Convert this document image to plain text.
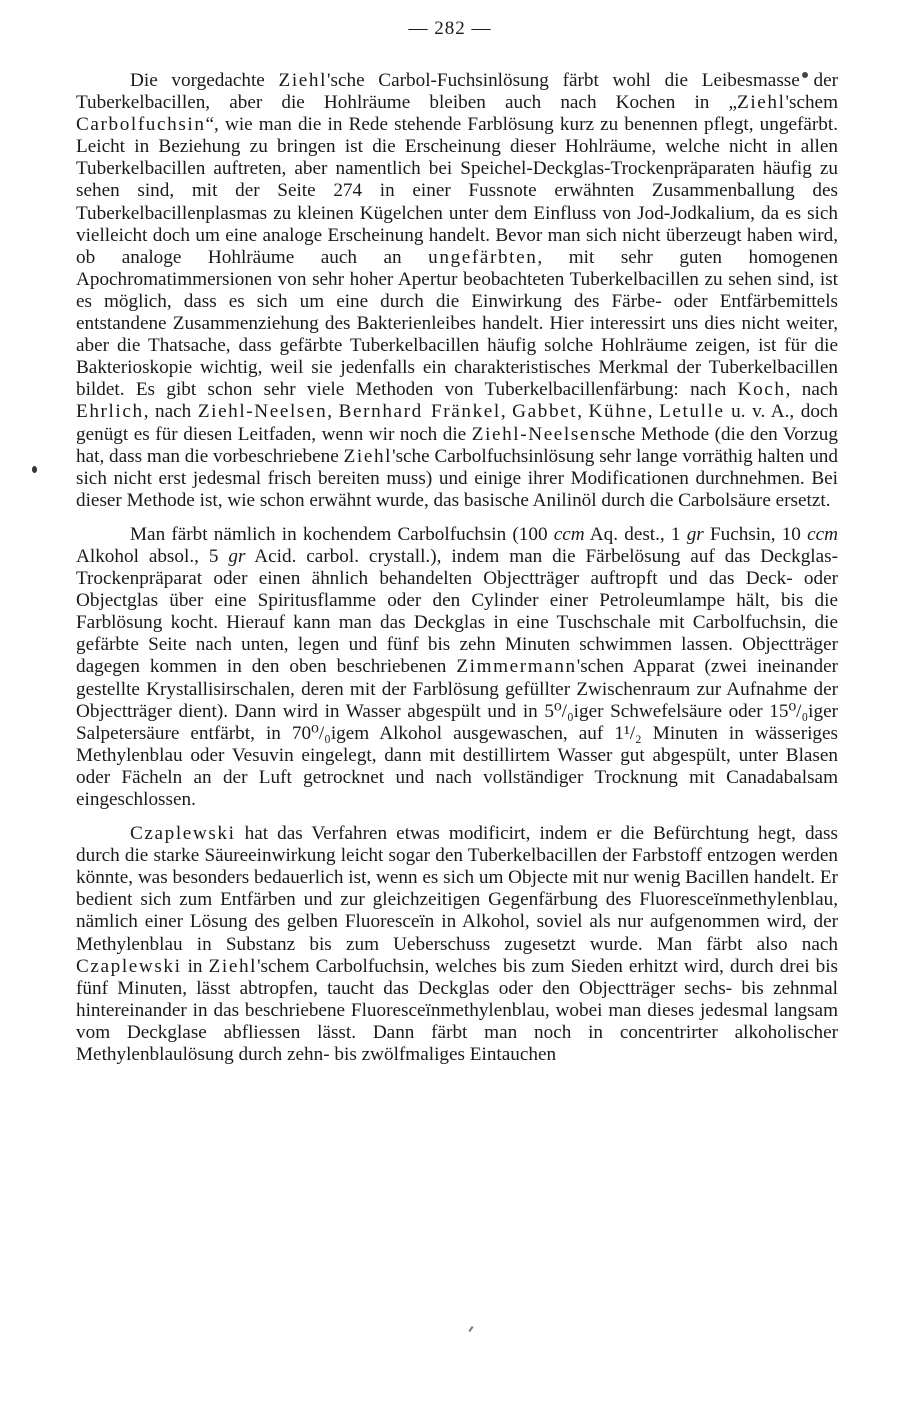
— 282 —

Die vorgedachte Ziehl'sche Carbol-Fuchsinlösung färbt wohl die Leibesmasse der Tuberkelbacillen, aber die Hohlräume bleiben auch nach Kochen in „Ziehl'schem Carbolfuchsin“, wie man die in Rede stehende Farblösung kurz zu benennen pflegt, ungefärbt. Leicht in Beziehung zu bringen ist die Erscheinung dieser Hohlräume, welche nicht in allen Tuberkelbacillen auftreten, aber namentlich bei Speichel-Deckglas-Trockenpräparaten häufig zu sehen sind, mit der Seite 274 in einer Fussnote erwähnten Zusammenballung des Tuberkelbacillenplasmas zu kleinen Kügelchen unter dem Einfluss von Jod-Jodkalium, da es sich vielleicht doch um eine analoge Erscheinung handelt. Bevor man sich nicht überzeugt haben wird, ob analoge Hohlräume auch an ungefärbten, mit sehr guten homogenen Apochromatimmersionen von sehr hoher Apertur beobachteten Tuberkelbacillen zu sehen sind, ist es möglich, dass es sich um eine durch die Einwirkung des Färbe- oder Entfärbemittels entstandene Zusammenziehung des Bakterienleibes handelt. Hier interessirt uns dies nicht weiter, aber die Thatsache, dass gefärbte Tuberkelbacillen häufig solche Hohlräume zeigen, ist für die Bakterioskopie wichtig, weil sie jedenfalls ein charakteristisches Merkmal der Tuberkelbacillen bildet. Es gibt schon sehr viele Methoden von Tuberkelbacillenfärbung: nach Koch, nach Ehrlich, nach Ziehl-Neelsen, Bernhard Fränkel, Gabbet, Kühne, Letulle u. v. A., doch genügt es für diesen Leitfaden, wenn wir noch die Ziehl-Neelsensche Methode (die den Vorzug hat, dass man die vorbeschriebene Ziehl'sche Carbolfuchsinlösung sehr lange vorräthig halten und sich nicht erst jedesmal frisch bereiten muss) und einige ihrer Modificationen durchnehmen. Bei dieser Methode ist, wie schon erwähnt wurde, das basische Anilinöl durch die Carbolsäure ersetzt.

Man färbt nämlich in kochendem Carbolfuchsin (100 ccm Aq. dest., 1 gr Fuchsin, 10 ccm Alkohol absol., 5 gr Acid. carbol. crystall.), indem man die Färbelösung auf das Deckglas-Trockenpräparat oder einen ähnlich behandelten Objectträger auftropft und das Deck- oder Objectglas über eine Spiritusflamme oder den Cylinder einer Petroleumlampe hält, bis die Farblösung kocht. Hierauf kann man das Deckglas in eine Tuschschale mit Carbolfuchsin, die gefärbte Seite nach unten, legen und fünf bis zehn Minuten schwimmen lassen. Objectträger dagegen kommen in den oben beschriebenen Zimmermann'schen Apparat (zwei ineinander gestellte Krystallisirschalen, deren mit der Farblösung gefüllter Zwischenraum zur Aufnahme der Objectträger dient). Dann wird in Wasser abgespült und in 5⁰/₀iger Schwefelsäure oder 15⁰/₀iger Salpetersäure entfärbt, in 70⁰/₀igem Alkohol ausgewaschen, auf 1¹/₂ Minuten in wässeriges Methylenblau oder Vesuvin eingelegt, dann mit destillirtem Wasser gut abgespült, unter Blasen oder Fächeln an der Luft getrocknet und nach vollständiger Trocknung mit Canadabalsam eingeschlossen.

Czaplewski hat das Verfahren etwas modificirt, indem er die Befürchtung hegt, dass durch die starke Säureeinwirkung leicht sogar den Tuberkelbacillen der Farbstoff entzogen werden könnte, was besonders bedauerlich ist, wenn es sich um Objecte mit nur wenig Bacillen handelt. Er bedient sich zum Entfärben und zur gleichzeitigen Gegenfärbung des Fluoresceïnmethylenblau, nämlich einer Lösung des gelben Fluoresceïn in Alkohol, soviel als nur aufgenommen wird, der Methylenblau in Substanz bis zum Ueberschuss zugesetzt wurde. Man färbt also nach Czaplewski in Ziehl'schem Carbolfuchsin, welches bis zum Sieden erhitzt wird, durch drei bis fünf Minuten, lässt abtropfen, taucht das Deckglas oder den Objectträger sechs- bis zehnmal hintereinander in das beschriebene Fluoresceïnmethylenblau, wobei man dieses jedesmal langsam vom Deckglase abfliessen lässt. Dann färbt man noch in concentrirter alkoholischer Methylenblaulösung durch zehn- bis zwölfmaliges Eintauchen
